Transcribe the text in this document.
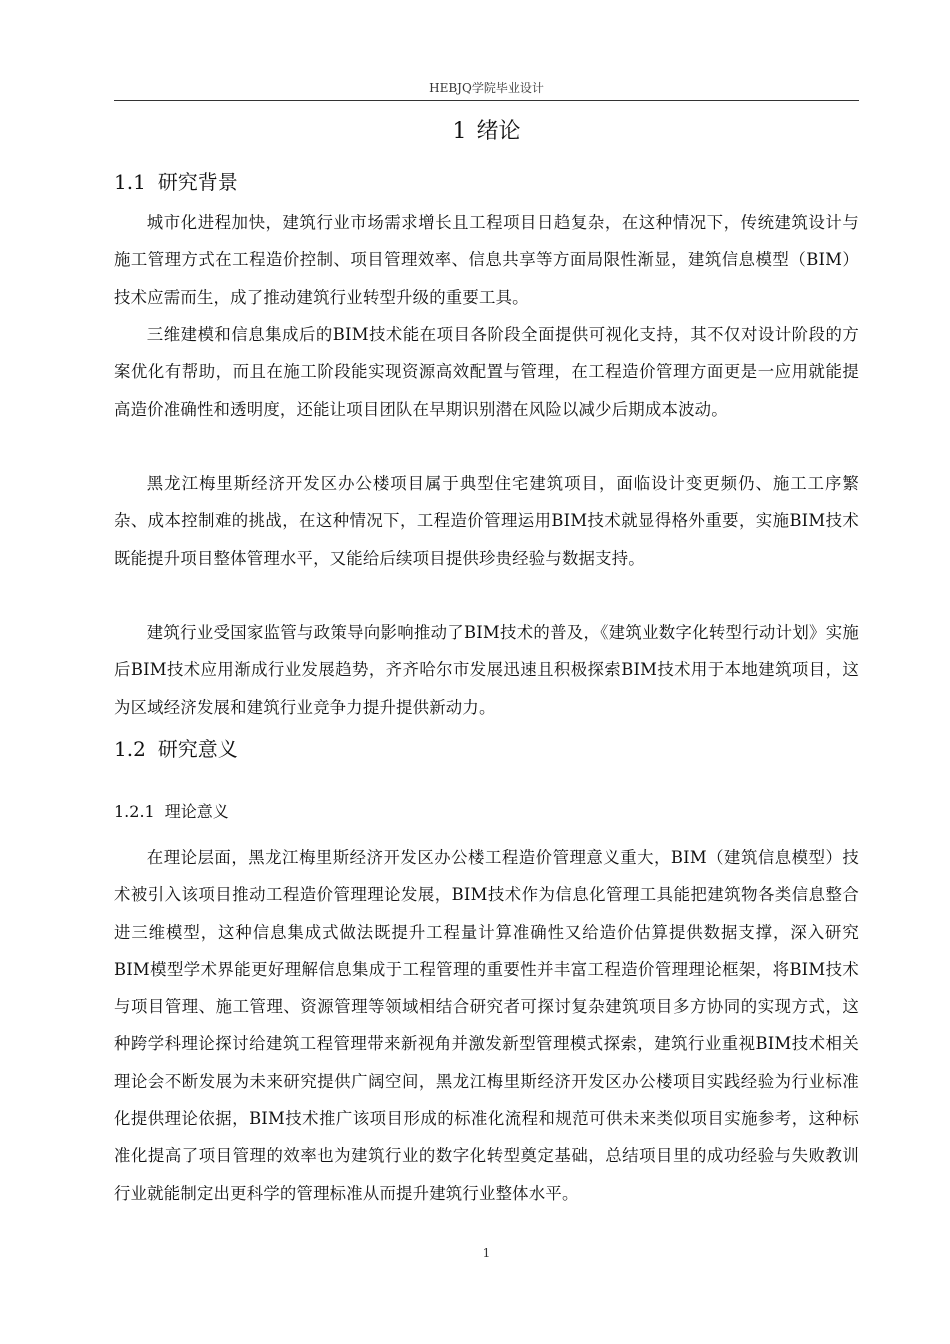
HEBJQ学院毕业设计
1 绪论
1.1 研究背景

城市化进程加快，建筑行业市场需求增长且工程项目日趋复杂，在这种情况下，传统建筑设计与施工管理方式在工程造价控制、项目管理效率、信息共享等方面局限性渐显，建筑信息模型（BIM）技术应需而生，成了推动建筑行业转型升级的重要工具。

三维建模和信息集成后的BIM技术能在项目各阶段全面提供可视化支持，其不仅对设计阶段的方案优化有帮助，而且在施工阶段能实现资源高效配置与管理，在工程造价管理方面更是一应用就能提高造价准确性和透明度，还能让项目团队在早期识别潜在风险以减少后期成本波动。

黑龙江梅里斯经济开发区办公楼项目属于典型住宅建筑项目，面临设计变更频仍、施工工序繁杂、成本控制难的挑战，在这种情况下，工程造价管理运用BIM技术就显得格外重要，实施BIM技术既能提升项目整体管理水平，又能给后续项目提供珍贵经验与数据支持。

建筑行业受国家监管与政策导向影响推动了BIM技术的普及，《建筑业数字化转型行动计划》实施后BIM技术应用渐成行业发展趋势，齐齐哈尔市发展迅速且积极探索BIM技术用于本地建筑项目，这为区域经济发展和建筑行业竞争力提升提供新动力。

1.2 研究意义
1.2.1 理论意义

在理论层面，黑龙江梅里斯经济开发区办公楼工程造价管理意义重大，BIM（建筑信息模型）技术被引入该项目推动工程造价管理理论发展，BIM技术作为信息化管理工具能把建筑物各类信息整合进三维模型，这种信息集成式做法既提升工程量计算准确性又给造价估算提供数据支撑，深入研究BIM模型学术界能更好理解信息集成于工程管理的重要性并丰富工程造价管理理论框架，将BIM技术与项目管理、施工管理、资源管理等领域相结合研究者可探讨复杂建筑项目多方协同的实现方式，这种跨学科理论探讨给建筑工程管理带来新视角并激发新型管理模式探索，建筑行业重视BIM技术相关理论会不断发展为未来研究提供广阔空间，黑龙江梅里斯经济开发区办公楼项目实践经验为行业标准化提供理论依据，BIM技术推广该项目形成的标准化流程和规范可供未来类似项目实施参考，这种标准化提高了项目管理的效率也为建筑行业的数字化转型奠定基础，总结项目里的成功经验与失败教训行业就能制定出更科学的管理标准从而提升建筑行业整体水平。

1
